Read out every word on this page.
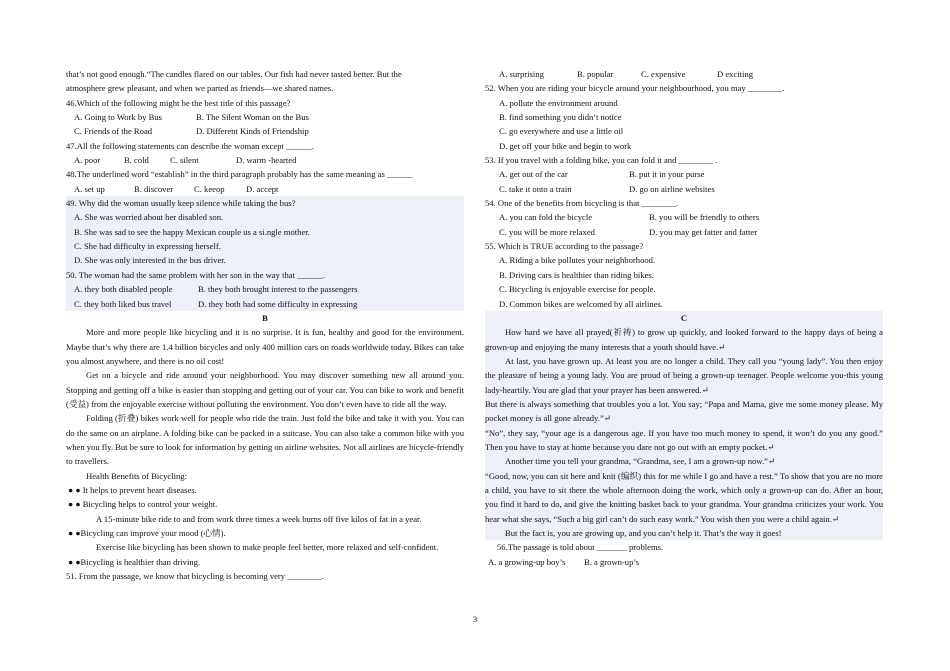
that’s not good enough.“The candles flared on our tables. Our fish had never tasted better. But the
atmosphere grew pleasant, and when we parted as friends—we shared names.
46.Which of the following might be the best title of this passage?
A. Going to Work by Bus	B. The Silent Woman on the Bus
C. Friends of the Road	D. Different Kinds of Friendship
47.All the following statements can describe the woman except ______.
A. poor	B. cold C. silent	D. warm -hearted
48.The underlined word “establish” in the third paragraph probably has the same meaning as ______
A. set up	B. discover C. keeop D. accept
49. Why did the woman usually keep silence while taking the bus?
A. She was worried about her disabled son.
B. She was sad to see the happy Mexican couple us a si.ngle mother.
C. She had difficulty in expressing herself.
D. She was only interested in the bus driver.
50. The woman had the same problem with her son in the way that ______.
A. they both disabled people	B. they both brought interest to the passengers
C. they both liked bus travel	D. they both had some difficulty in expressing
B
More and more people like bicycling and it is no surprise. It is fun, healthy and good for the environment. Maybe that’s why there are 1.4 billion bicycles and only 400 million cars on roads worldwide today. Bikes can take you almost anywhere, and there is no oil cost!
Get on a bicycle and ride around your neighborhood. You may discover something new all around you. Stopping and getting off a bike is easier than stopping and getting out of your car. You can bike to work and benefit (受益) from the enjoyable exercise without polluting the environment. You don’t even have to ride all the way.
Folding (折叠) bikes work well for people who ride the train. Just fold the bike and take it with you. You can do the same on an airplane. A folding bike can be packed in a suitcase. You can also take a common bike with you when you fly. But be sure to look for information by getting on airline websites. Not all airlines are bicycle-friendly to travellers.
Health Benefits of Bicycling:
● ● It helps to prevent heart diseases.
● ● Bicycling helps to control your weight.
A 15-minute bike ride to and from work three times a week burns off five kilos of fat in a year.
● ●Bicycling can improve your mood (心情).
Exercise like bicycling has been shown to make people feel better, more relaxed and self-confident.
● ●Bicycling is healthier than driving.
51. From the passage, we know that bicycling is becoming very ________.
A. surprising	B. popular	C. expensive	D exciting
52. When you are riding your bicycle around your neighbourhood, you may ________.
A. pollute the environment around
B. find something you didn’t notice
C. go everywhere and use a little oil
D. get off your bike and begin to work
53. If you travel with a folding bike, you can fold it and ________ .
A. get out of the car	B. put it in your purse
C. take it onto a train	D. go on airline websites
54. One of the benefits from bicycling is that ________.
A. you can fold the bicycle	B. you will be friendly to others
C. you will be more relaxed	D. you may get fatter and fatter
55. Which is TRUE according to the passage?
A. Riding a bike pollutes your neighborhood.
B. Driving cars is healthier than riding bikes.
C. Bicycling is enjoyable exercise for people.
D. Common bikes are welcomed by all airlines.
C
How hard we have all prayed(祈祷) to grow up quickly, and looked forward to the happy days of being a grown-up and enjoying the many interests that a youth should have.↵
At last, you have grown up. At least you are no longer a child. They call you “young lady”. You then enjoy the pleasure of being a young lady. You are proud of being a grown-up teenager. People welcome you-this young lady-heartily. You are glad that your prayer has been answered.↵
But there is always something that troubles you a lot. You say; “Papa and Mama, give me some money please. My pocket money is all gone already.”↵
“No”, they say, “your age is a dangerous age. If you have too much money to spend, it won’t do you any good.” Then you have to stay at home because you dare not go out with an empty pocket.↵
Another time you tell your grandma, “Grandma, see, I am a grown-up now.”↵
“Good, now, you can sit here and knit (编织) this for me while I go and have a rest.” To show that you are no more a child, you have to sit there the whole afternoon doing the work, which only a grown-up can do. After an hour, you find it hard to do, and give the knitting basket back to your grandma. Your grandma criticizes your work. You hear what she says, “Such a big girl can’t do such easy work.” You wish then you were a child again.↵
But the fact is, you are growing up, and you can’t help it. That’s the way it goes!
56.The passage is told about _______ problems.
A. a growing-up boy’s B. a grown-up’s
3
